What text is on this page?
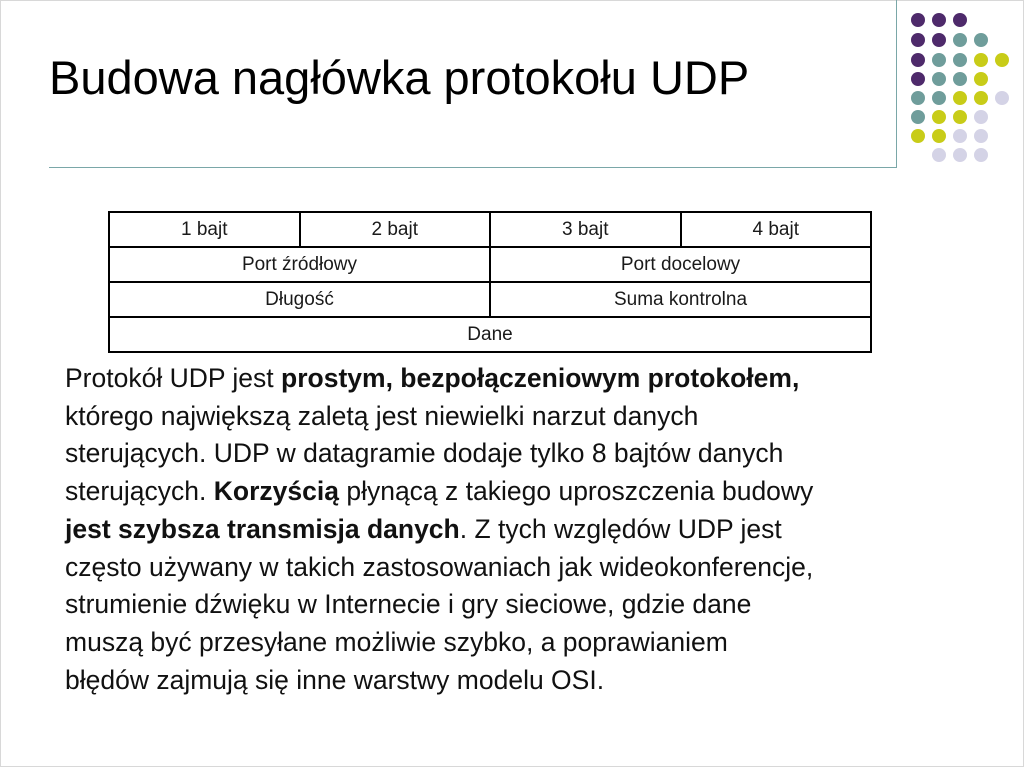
Budowa nagłówka protokołu UDP
1 bajt	2 bajt	3 bajt	4 bajt
Port źródłowy		Port docelowy	
Długość		Suma kontrolna	
Dane			

Protokół UDP jest prostym, bezpołączeniowym protokołem,

którego największą zaletą jest niewielki narzut danych

sterujących. UDP w datagramie dodaje tylko 8 bajtów danych

sterujących. Korzyścią płynącą z takiego uproszczenia budowy

jest szybsza transmisja danych. Z tych względów UDP jest

często używany w takich zastosowaniach jak wideokonferencje,

strumienie dźwięku w Internecie i gry sieciowe, gdzie dane

muszą być przesyłane możliwie szybko, a poprawianiem

błędów zajmują się inne warstwy modelu OSI.
